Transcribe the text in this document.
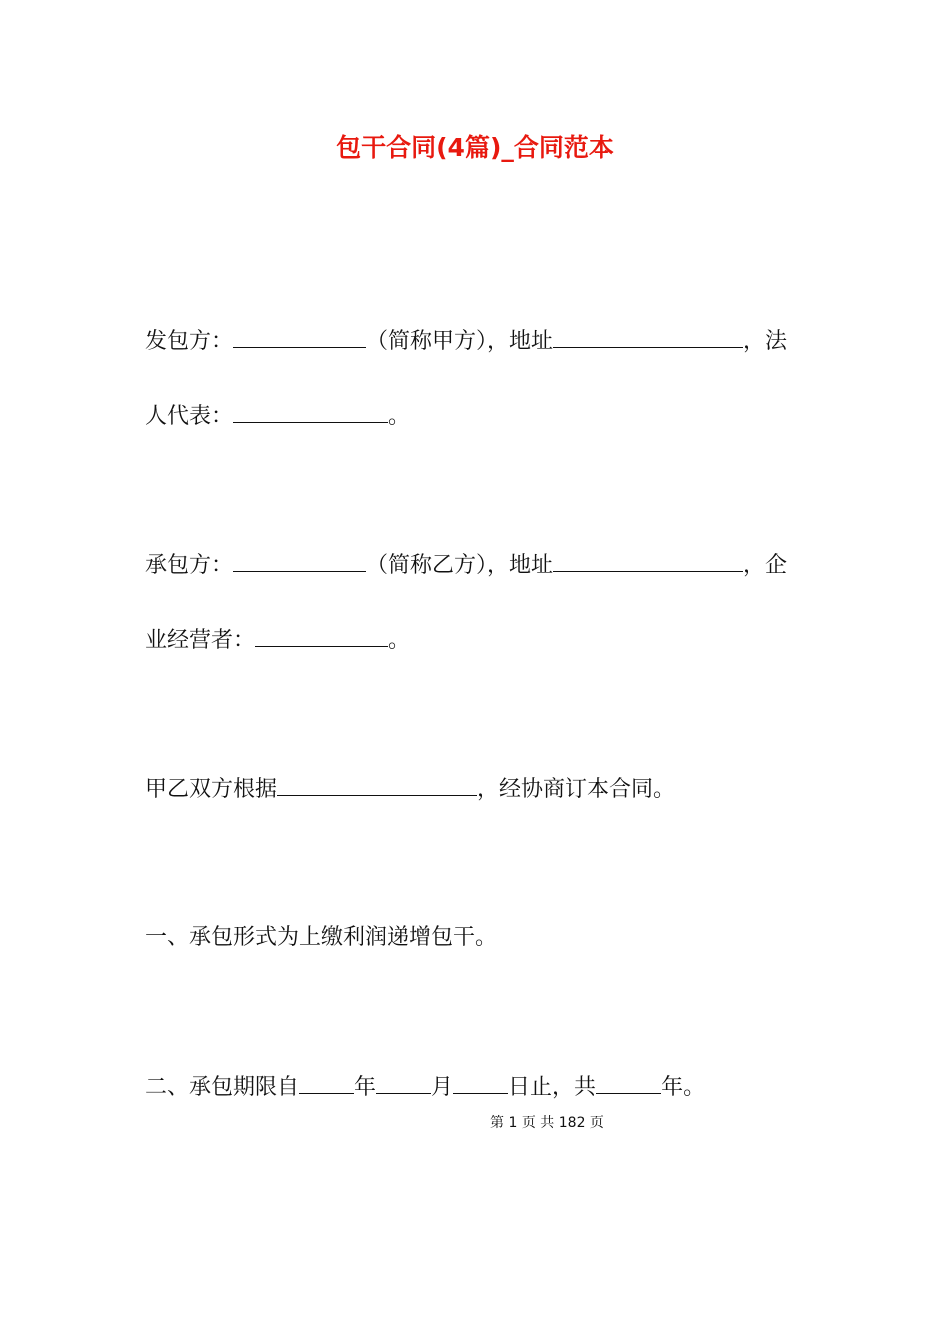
包干合同(4篇)_合同范本

发包方：	（简称甲方），地址	，法

人代表：	。

承包方：	（简称乙方），地址	，企

业经营者：	。

甲乙双方根据	，经协商订本合同。

一、承包形式为上缴利润递增包干。

二、承包期限自	年	月	日止，共	年。

第 1 页 共 182 页
